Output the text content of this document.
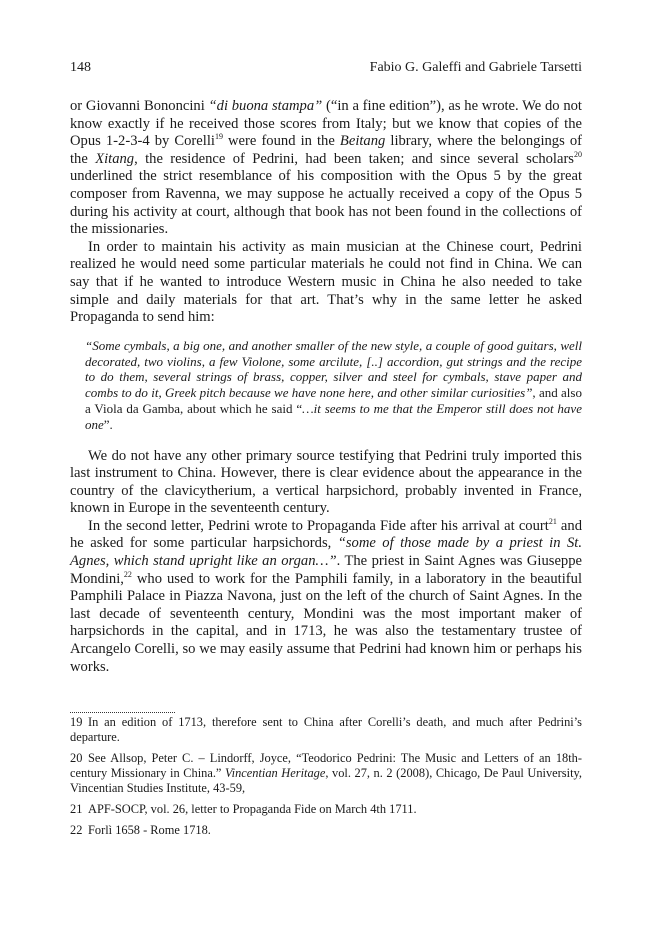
148	Fabio G. Galeffi and Gabriele Tarsetti

or Giovanni Bononcini “di buona stampa” (“in a fine edition”), as he wrote. We do not know exactly if he received those scores from Italy; but we know that copies of the Opus 1-2-3-4 by Corelli$^{19}$ were found in the Beitang library, where the belongings of the Xitang, the residence of Pedrini, had been taken; and since several scholars$^{20}$ underlined the strict resemblance of his composition with the Opus 5 by the great composer from Ravenna, we may suppose he actually received a copy of the Opus 5 during his activity at court, although that book has not been found in the collections of the missionaries.

In order to maintain his activity as main musician at the Chinese court, Pedrini realized he would need some particular materials he could not find in China. We can say that if he wanted to introduce Western music in China he also needed to take simple and daily materials for that art. That’s why in the same letter he asked Propaganda to send him:

“Some cymbals, a big one, and another smaller of the new style, a couple of good guitars, well decorated, two violins, a few Violone, some arcilute, [..] accordion, gut strings and the recipe to do them, several strings of brass, copper, silver and steel for cymbals, stave paper and combs to do it, Greek pitch because we have none here, and other similar curiosities”, and also a Viola da Gamba, about which he said “…it seems to me that the Emperor still does not have one”.

We do not have any other primary source testifying that Pedrini truly imported this last instrument to China. However, there is clear evidence about the appearance in the country of the clavicytherium, a vertical harpsichord, probably invented in France, known in Europe in the seventeenth century.

In the second letter, Pedrini wrote to Propaganda Fide after his arrival at court$^{21}$ and he asked for some particular harpsichords, “some of those made by a priest in St. Agnes, which stand upright like an organ…”. The priest in Saint Agnes was Giuseppe Mondini,$^{22}$ who used to work for the Pamphili family, in a laboratory in the beautiful Pamphili Palace in Piazza Navona, just on the left of the church of Saint Agnes. In the last decade of seventeenth century, Mondini was the most important maker of harpsichords in the capital, and in 1713, he was also the testamentary trustee of Arcangelo Corelli, so we may easily assume that Pedrini had known him or perhaps his works.

19 In an edition of 1713, therefore sent to China after Corelli’s death, and much after Pedrini’s departure.

20 See Allsop, Peter C. – Lindorff, Joyce, “Teodorico Pedrini: The Music and Letters of an 18th-century Missionary in China.” Vincentian Heritage, vol. 27, n. 2 (2008), Chicago, De Paul University, Vincentian Studies Institute, 43-59,

21 APF-SOCP, vol. 26, letter to Propaganda Fide on March 4th 1711.

22 Forlì 1658 - Rome 1718.
